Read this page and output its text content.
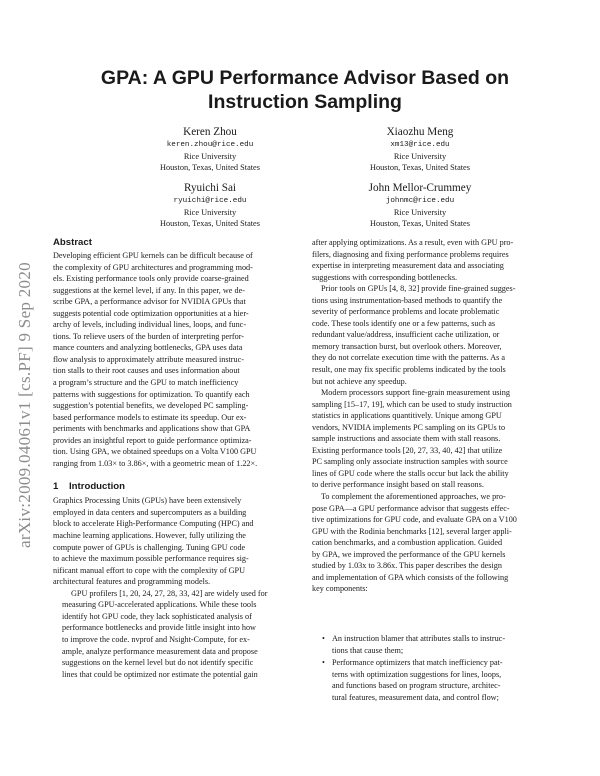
GPA: A GPU Performance Advisor Based on
Instruction Sampling
Keren Zhou
keren.zhou@rice.edu
Rice University
Houston, Texas, United States
Xiaozhu Meng
xm13@rice.edu
Rice University
Houston, Texas, United States
Ryuichi Sai
ryuichi@rice.edu
Rice University
Houston, Texas, United States
John Mellor-Crummey
johnmc@rice.edu
Rice University
Houston, Texas, United States
arXiv:2009.04061v1 [cs.PF] 9 Sep 2020
Abstract
Developing efficient GPU kernels can be difficult because of
the complexity of GPU architectures and programming mod-
els. Existing performance tools only provide coarse-grained
suggestions at the kernel level, if any. In this paper, we de-
scribe GPA, a performance advisor for NVIDIA GPUs that
suggests potential code optimization opportunities at a hier-
archy of levels, including individual lines, loops, and func-
tions. To relieve users of the burden of interpreting perfor-
mance counters and analyzing bottlenecks, GPA uses data
flow analysis to approximately attribute measured instruc-
tion stalls to their root causes and uses information about
a program’s structure and the GPU to match inefficiency
patterns with suggestions for optimization. To quantify each
suggestion’s potential benefits, we developed PC sampling-
based performance models to estimate its speedup. Our ex-
periments with benchmarks and applications show that GPA
provides an insightful report to guide performance optimiza-
tion. Using GPA, we obtained speedups on a Volta V100 GPU
ranging from 1.03× to 3.86×, with a geometric mean of 1.22×.
1 Introduction
Graphics Processing Units (GPUs) have been extensively
employed in data centers and supercomputers as a building
block to accelerate High-Performance Computing (HPC) and
machine learning applications. However, fully utilizing the
compute power of GPUs is challenging. Tuning GPU code
to achieve the maximum possible performance requires sig-
nificant manual effort to cope with the complexity of GPU
architectural features and programming models.
GPU profilers [1, 20, 24, 27, 28, 33, 42] are widely used for
measuring GPU-accelerated applications. While these tools
identify hot GPU code, they lack sophisticated analysis of
performance bottlenecks and provide little insight into how
to improve the code. nvprof and Nsight-Compute, for ex-
ample, analyze performance measurement data and propose
suggestions on the kernel level but do not identify specific
lines that could be optimized nor estimate the potential gain
after applying optimizations. As a result, even with GPU pro-
filers, diagnosing and fixing performance problems requires
expertise in interpreting measurement data and associating
suggestions with corresponding bottlenecks.
Prior tools on GPUs [4, 8, 32] provide fine-grained sugges-
tions using instrumentation-based methods to quantify the
severity of performance problems and locate problematic
code. These tools identify one or a few patterns, such as
redundant value/address, insufficient cache utilization, or
memory transaction burst, but overlook others. Moreover,
they do not correlate execution time with the patterns. As a
result, one may fix specific problems indicated by the tools
but not achieve any speedup.
Modern processors support fine-grain measurement using
sampling [15–17, 19], which can be used to study instruction
statistics in applications quantitively. Unique among GPU
vendors, NVIDIA implements PC sampling on its GPUs to
sample instructions and associate them with stall reasons.
Existing performance tools [20, 27, 33, 40, 42] that utilize
PC sampling only associate instruction samples with source
lines of GPU code where the stalls occur but lack the ability
to derive performance insight based on stall reasons.
To complement the aforementioned approaches, we pro-
pose GPA—a GPU performance advisor that suggests effec-
tive optimizations for GPU code, and evaluate GPA on a V100
GPU with the Rodinia benchmarks [12], several larger appli-
cation benchmarks, and a combustion application. Guided
by GPA, we improved the performance of the GPU kernels
studied by 1.03x to 3.86x. This paper describes the design
and implementation of GPA which consists of the following
key components:
• An instruction blamer that attributes stalls to instruc-
tions that cause them;
• Performance optimizers that match inefficiency pat-
terns with optimization suggestions for lines, loops,
and functions based on program structure, architec-
tural features, measurement data, and control flow;
